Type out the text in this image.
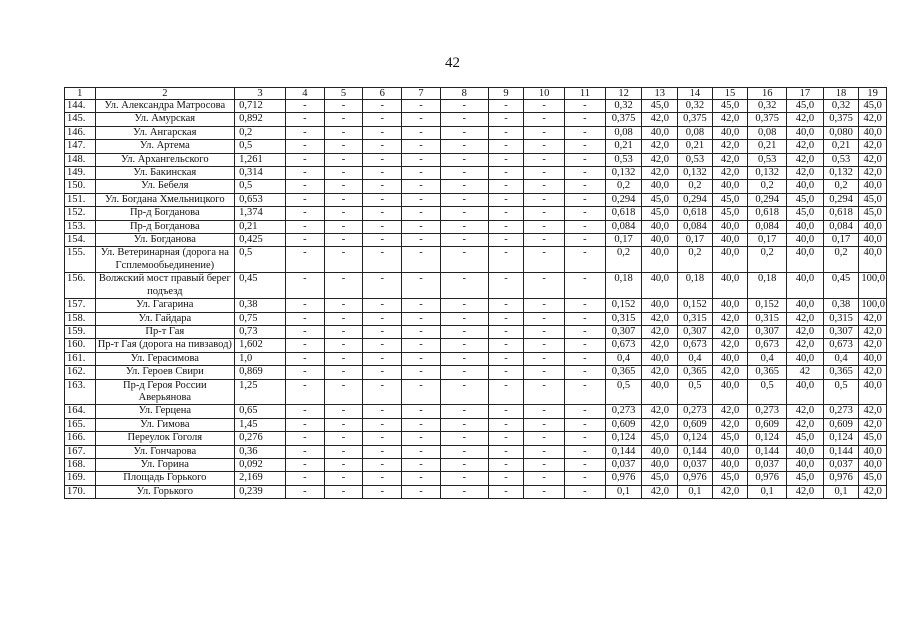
42
1	2	3	4	5	6	7	8	9	10	11	12	13	14	15	16	17	18	19
144.	Ул. Александра Матросова	0,712	-	-	-	-	-	-	-	-	0,32	45,0	0,32	45,0	0,32	45,0	0,32	45,0
145.	Ул. Амурская	0,892	-	-	-	-	-	-	-	-	0,375	42,0	0,375	42,0	0,375	42,0	0,375	42,0
146.	Ул. Ангарская	0,2	-	-	-	-	-	-	-	-	0,08	40,0	0,08	40,0	0,08	40,0	0,080	40,0
147.	Ул. Артема	0,5	-	-	-	-	-	-	-	-	0,21	42,0	0,21	42,0	0,21	42,0	0,21	42,0
148.	Ул. Архангельского	1,261	-	-	-	-	-	-	-	-	0,53	42,0	0,53	42,0	0,53	42,0	0,53	42,0
149.	Ул. Бакинская	0,314	-	-	-	-	-	-	-	-	0,132	42,0	0,132	42,0	0,132	42,0	0,132	42,0
150.	Ул. Бебеля	0,5	-	-	-	-	-	-	-	-	0,2	40,0	0,2	40,0	0,2	40,0	0,2	40,0
151.	Ул. Богдана Хмельницкого	0,653	-	-	-	-	-	-	-	-	0,294	45,0	0,294	45,0	0,294	45,0	0,294	45,0
152.	Пр-д Богданова	1,374	-	-	-	-	-	-	-	-	0,618	45,0	0,618	45,0	0,618	45,0	0,618	45,0
153.	Пр-д Богданова	0,21	-	-	-	-	-	-	-	-	0,084	40,0	0,084	40,0	0,084	40,0	0,084	40,0
154.	Ул. Богданова	0,425	-	-	-	-	-	-	-	-	0,17	40,0	0,17	40,0	0,17	40,0	0,17	40,0
155.	Ул. Ветеринарная (дорога на Гсплемообьединение)	0,5	-	-	-	-	-	-	-	-	0,2	40,0	0,2	40,0	0,2	40,0	0,2	40,0
156.	Волжский мост правый берег подъезд	0,45	-	-	-	-	-	-	-	-	0,18	40,0	0,18	40,0	0,18	40,0	0,45	100,0
157.	Ул. Гагарина	0,38	-	-	-	-	-	-	-	-	0,152	40,0	0,152	40,0	0,152	40,0	0,38	100,0
158.	Ул. Гайдара	0,75	-	-	-	-	-	-	-	-	0,315	42,0	0,315	42,0	0,315	42,0	0,315	42,0
159.	Пр-т Гая	0,73	-	-	-	-	-	-	-	-	0,307	42,0	0,307	42,0	0,307	42,0	0,307	42,0
160.	Пр-т Гая (дорога на пивзавод)	1,602	-	-	-	-	-	-	-	-	0,673	42,0	0,673	42,0	0,673	42,0	0,673	42,0
161.	Ул. Герасимова	1,0	-	-	-	-	-	-	-	-	0,4	40,0	0,4	40,0	0,4	40,0	0,4	40,0
162.	Ул. Героев Свири	0,869	-	-	-	-	-	-	-	-	0,365	42,0	0,365	42,0	0,365	42	0,365	42,0
163.	Пр-д Героя России Аверьянова	1,25	-	-	-	-	-	-	-	-	0,5	40,0	0,5	40,0	0,5	40,0	0,5	40,0
164.	Ул. Герцена	0,65	-	-	-	-	-	-	-	-	0,273	42,0	0,273	42,0	0,273	42,0	0,273	42,0
165.	Ул. Гимова	1,45	-	-	-	-	-	-	-	-	0,609	42,0	0,609	42,0	0,609	42,0	0,609	42,0
166.	Переулок Гоголя	0,276	-	-	-	-	-	-	-	-	0,124	45,0	0,124	45,0	0,124	45,0	0,124	45,0
167.	Ул. Гончарова	0,36	-	-	-	-	-	-	-	-	0,144	40,0	0,144	40,0	0,144	40,0	0,144	40,0
168.	Ул. Горина	0,092	-	-	-	-	-	-	-	-	0,037	40,0	0,037	40,0	0,037	40,0	0,037	40,0
169.	Площадь Горького	2,169	-	-	-	-	-	-	-	-	0,976	45,0	0,976	45,0	0,976	45,0	0,976	45,0
170.	Ул. Горького	0,239	-	-	-	-	-	-	-	-	0,1	42,0	0,1	42,0	0,1	42,0	0,1	42,0
